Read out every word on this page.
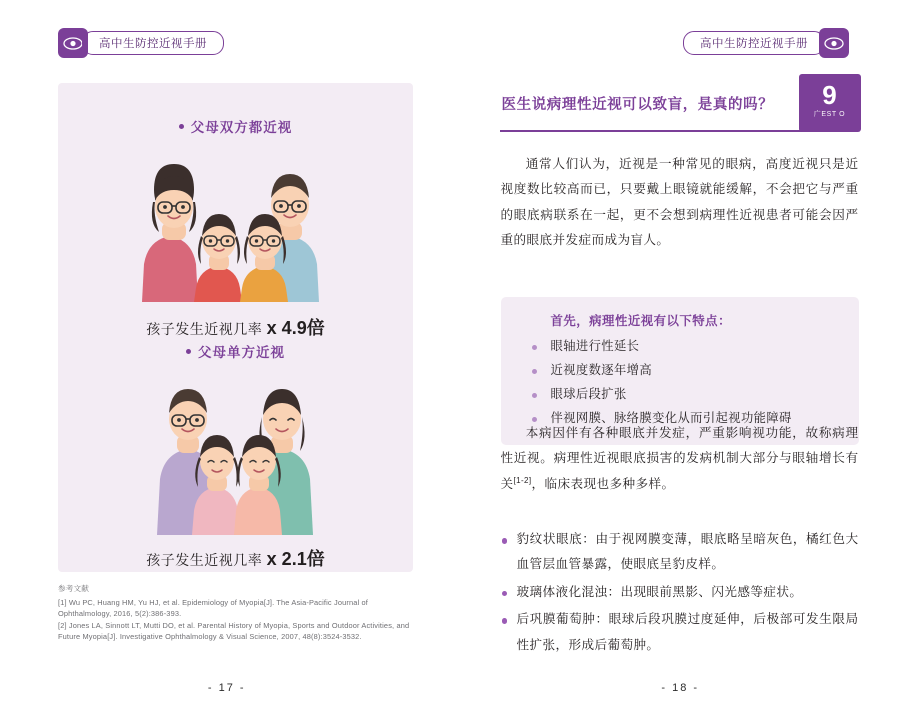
高中生防控近视手册
父母双方都近视
孩子发生近视几率 x 4.9倍
父母单方近视
孩子发生近视几率 x 2.1倍
参考文献

[1] Wu PC, Huang HM, Yu HJ, et al. Epidemiology of Myopia[J]. The Asia-Pacific Journal of Ophthalmology, 2016, 5(2):386-393.

[2] Jones LA, Sinnott LT, Mutti DO, et al. Parental History of Myopia, Sports and Outdoor Activities, and Future Myopia[J]. Investigative Ophthalmology & Visual Science, 2007, 48(8):3524-3532.

- 17 -
高中生防控近视手册
医生说病理性近视可以致盲，是真的吗？	9
广EST O
通常人们认为，近视是一种常见的眼病，高度近视只是近视度数比较高而已，只要戴上眼镜就能缓解，不会把它与严重的眼底病联系在一起，更不会想到病理性近视患者可能会因严重的眼底并发症而成为盲人。
首先，病理性近视有以下特点：
眼轴进行性延长
近视度数逐年增高
眼球后段扩张
伴视网膜、脉络膜变化从而引起视功能障碍
本病因伴有各种眼底并发症，严重影响视功能，故称病理性近视。病理性近视眼底损害的发病机制大部分与眼轴增长有关[1-2]，临床表现也多种多样。
豹纹状眼底：由于视网膜变薄，眼底略呈暗灰色，橘红色大血管层血管暴露，使眼底呈豹皮样。
玻璃体液化混浊：出现眼前黑影、闪光感等症状。
后巩膜葡萄肿：眼球后段巩膜过度延伸，后极部可发生限局性扩张，形成后葡萄肿。
- 18 -
